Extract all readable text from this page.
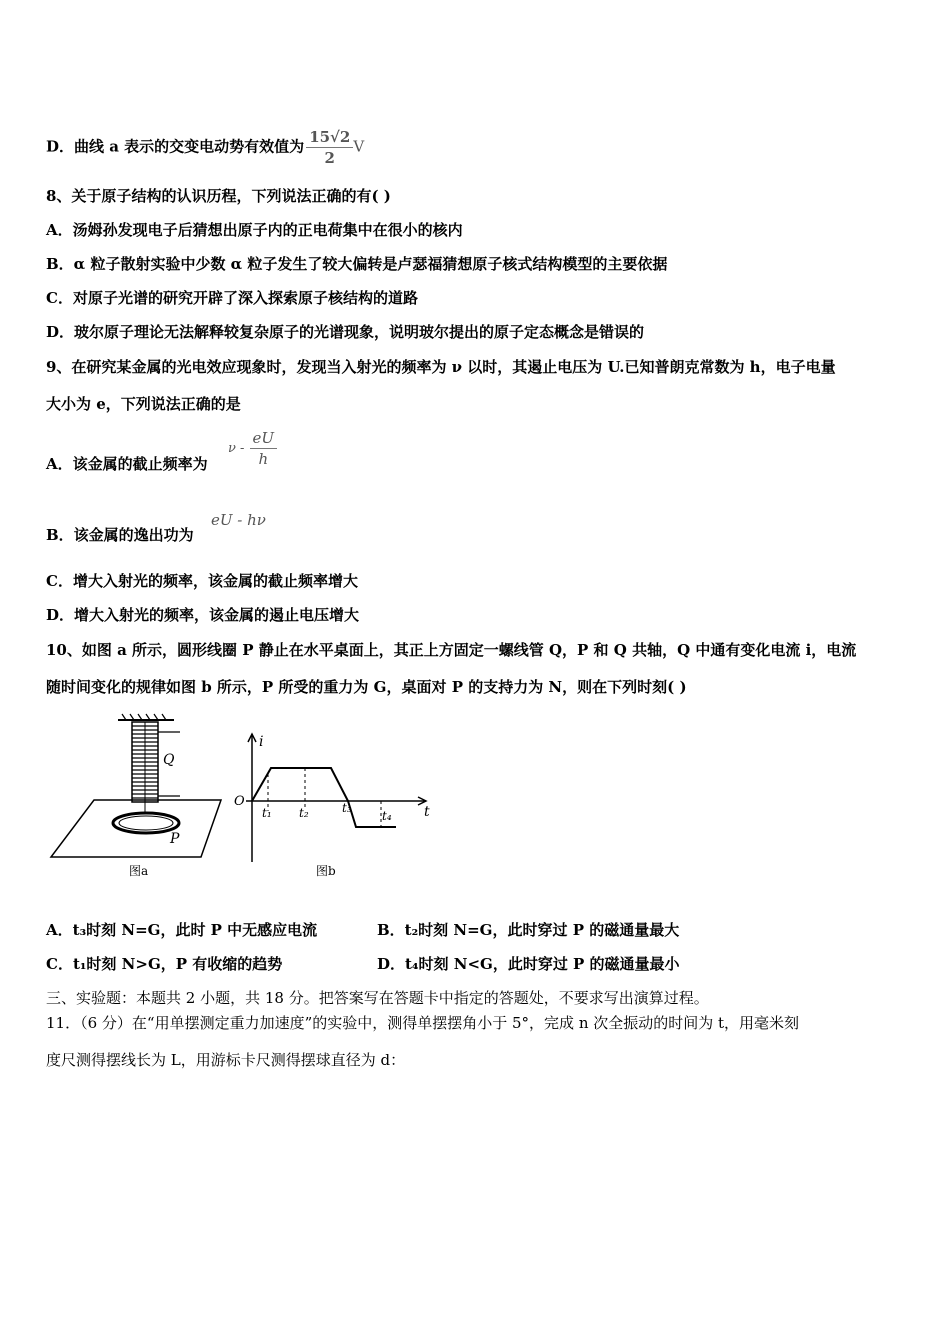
D．曲线 a 表示的交变电动势有效值为 $\frac{15√2}{2}$ V
8、关于原子结构的认识历程，下列说法正确的有( )
A．汤姆孙发现电子后猜想出原子内的正电荷集中在很小的核内
B．α 粒子散射实验中少数 α 粒子发生了较大偏转是卢瑟福猜想原子核式结构模型的主要依据
C．对原子光谱的研究开辟了深入探索原子核结构的道路
D．玻尔原子理论无法解释较复杂原子的光谱现象，说明玻尔提出的原子定态概念是错误的
9、在研究某金属的光电效应现象时，发现当入射光的频率为 ν 以时，其遏止电压为 U.已知普朗克常数为 h，电子电量
大小为 e，下列说法正确的是
A．该金属的截止频率为
ν - $\frac{eU}{h}$
B．该金属的逸出功为
eU - hν
C．增大入射光的频率，该金属的截止频率增大
D．增大入射光的频率，该金属的遏止电压增大
10、如图 a 所示，圆形线圈 P 静止在水平桌面上，其正上方固定一螺线管 Q，P 和 Q 共轴，Q 中通有变化电流 i，电流
随时间变化的规律如图 b 所示，P 所受的重力为 G，桌面对 P 的支持力为 N，则在下列时刻( )
Q
P
图a
i
t
O
t₁ t₂	t₃
t₄
图b
A．t₃时刻 N=G，此时 P 中无感应电流	B．t₂时刻 N=G，此时穿过 P 的磁通量最大
C．t₁时刻 N>G，P 有收缩的趋势	D．t₄时刻 N<G，此时穿过 P 的磁通量最小
三、实验题：本题共 2 小题，共 18 分。把答案写在答题卡中指定的答题处，不要求写出演算过程。
11．（6 分）在“用单摆测定重力加速度”的实验中，测得单摆摆角小于 5°，完成 n 次全振动的时间为 t，用毫米刻
度尺测得摆线长为 L，用游标卡尺测得摆球直径为 d：
